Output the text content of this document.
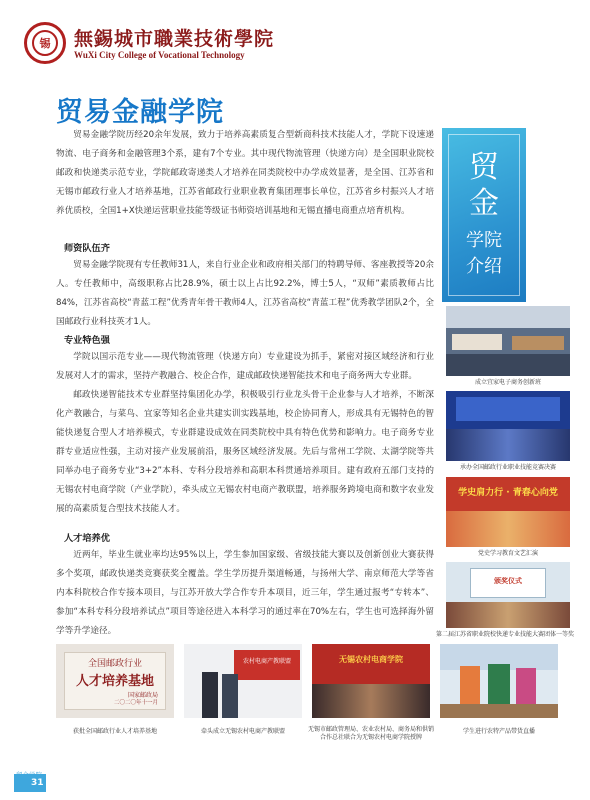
锡	無錫城市職業技術學院
WuXi City College of Vocational Technology
贸易金融学院
贸易金融学院历经20余年发展，致力于培养高素质复合型新商科技术技能人才，学院下设速递物流、电子商务和金融管理3个系，建有7个专业。其中现代物流管理（快递方向）是全国职业院校邮政和快递类示范专业，学院邮政寄递类人才培养在同类院校中办学成效显著，是全国、江苏省和无锡市邮政行业人才培养基地，江苏省邮政行业职业教育集团理事长单位，江苏省乡村振兴人才培养优质校，全国1+X快递运营职业技能等级证书师资培训基地和无锡直播电商重点培育机构。
师资队伍齐
贸易金融学院现有专任教师31人，来自行业企业和政府相关部门的特聘导师、客座教授等20余人。专任教师中，高级职称占比28.9%，硕士以上占比92.2%，博士5人，“双师”素质教师占比84%，江苏省高校“青蓝工程”优秀青年骨干教师4人，江苏省高校“青蓝工程”优秀教学团队2个，全国邮政行业科技英才1人。
专业特色强
学院以国示范专业——现代物流管理（快递方向）专业建设为抓手，紧密对接区域经济和行业发展对人才的需求，坚持产教融合、校企合作，建成邮政快递智能技术和电子商务两大专业群。
邮政快递智能技术专业群坚持集团化办学，积极吸引行业龙头骨干企业参与人才培养，不断深化产教融合，与菜鸟、宜家等知名企业共建实训实践基地，校企协同育人，形成具有无锡特色的智能快递复合型人才培养模式，专业群建设成效在同类院校中具有特色优势和影响力。电子商务专业群专业适应性强，主动对接产业发展前沿，服务区域经济发展。先后与常州工学院、太湖学院等共同举办电子商务专业“3+2”本科、专科分段培养和高职本科贯通培养项目。建有政府五部门支持的无锡农村电商学院（产业学院），牵头成立无锡农村电商产教联盟，培养服务跨境电商和数字农业发展的高素质复合型技术技能人才。
人才培养优
近两年，毕业生就业率均达95%以上，学生参加国家级、省级技能大赛以及创新创业大赛获得多个奖项，邮政快递类竞赛获奖全覆盖。学生学历提升渠道畅通，与扬州大学、南京师范大学等省内本科院校合作专接本项目，与江苏开放大学合作专升本项目，近三年，学生通过报考“专转本”、参加“本科专科分段培养试点”项目等途径进入本科学习的通过率在70%左右，学生也可选择海外留学等升学途径。
贸
金
学院
介绍
成立宜家电子商务创新班
承办全国邮政行业职业技能竞赛决赛
学史肩力行 · 青春心向党
党史学习教育文艺汇演
颁奖仪式
第二届江苏省职业院校快递专业技能大赛团体一等奖
全国邮政行业
人才培养基地
国家邮政局
二〇二〇年十一月
获批全国邮政行业人才培养基地
农村电商产教联盟
牵头成立无锡农村电商产教联盟
无锡农村电商学院
无锡市邮政管理局、农业农村局、商务局和供销合作总社联合为无锡农村电商学院授牌
学生进行农特产品带货直播
31
